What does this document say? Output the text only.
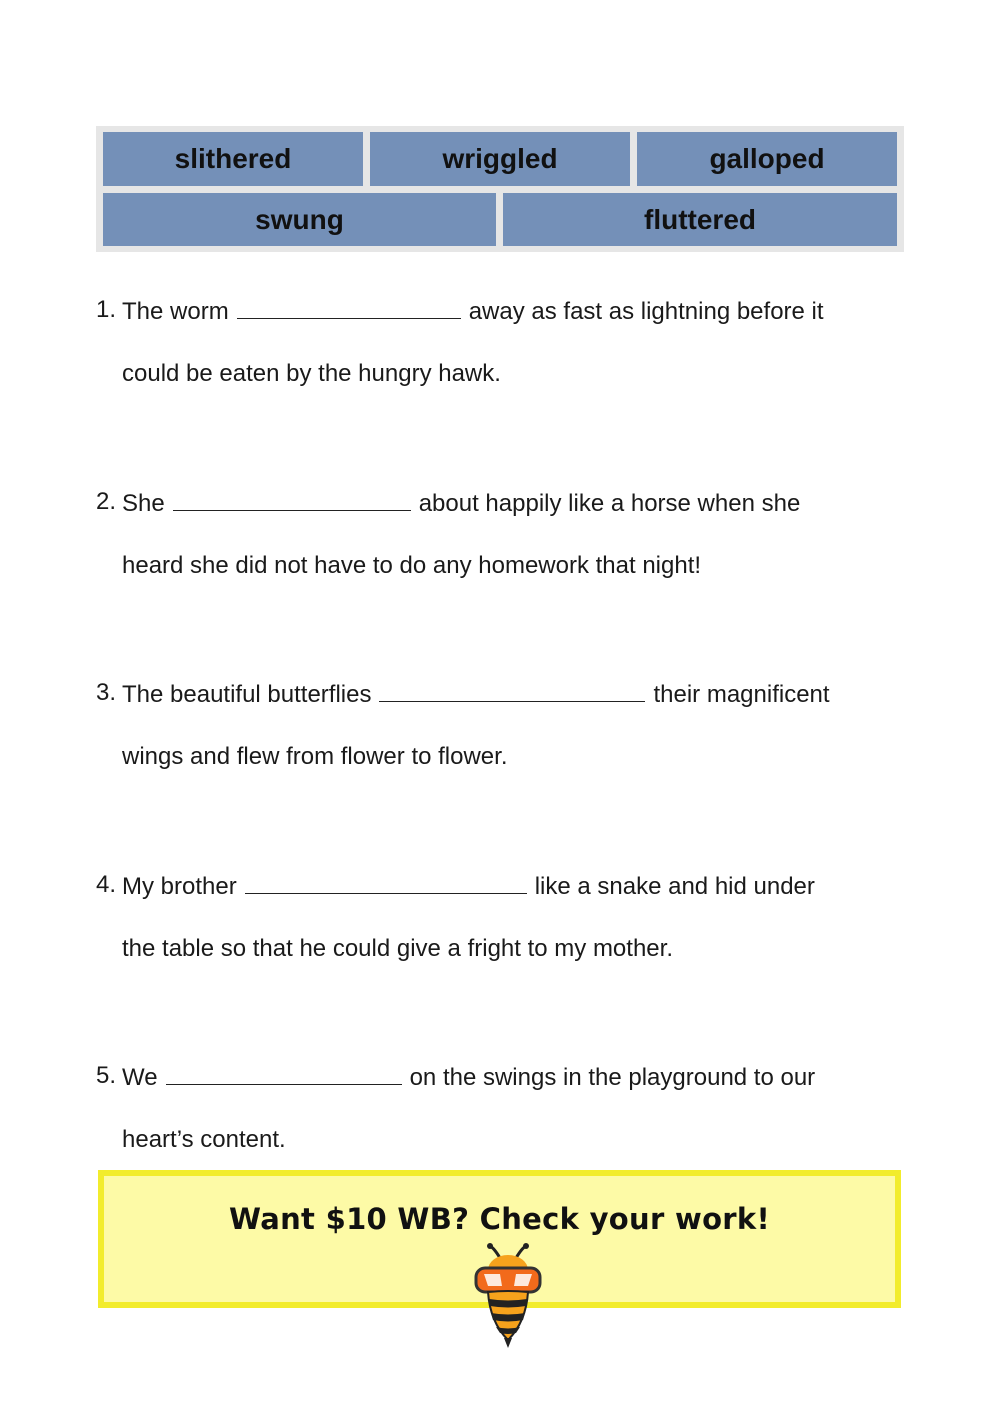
slithered	wriggled	galloped
swung	fluttered
1. The worm	away as fast as lightning before it
could be eaten by the hungry hawk.
2. She	about happily like a horse when she
heard she did not have to do any homework that night!
3. The beautiful butterflies	their magnificent
wings and flew from flower to flower.
4. My brother	like a snake and hid under
the table so that he could give a fright to my mother.
5. We	on the swings in the playground to our
heart’s content.
Want $10 WB? Check your work!
